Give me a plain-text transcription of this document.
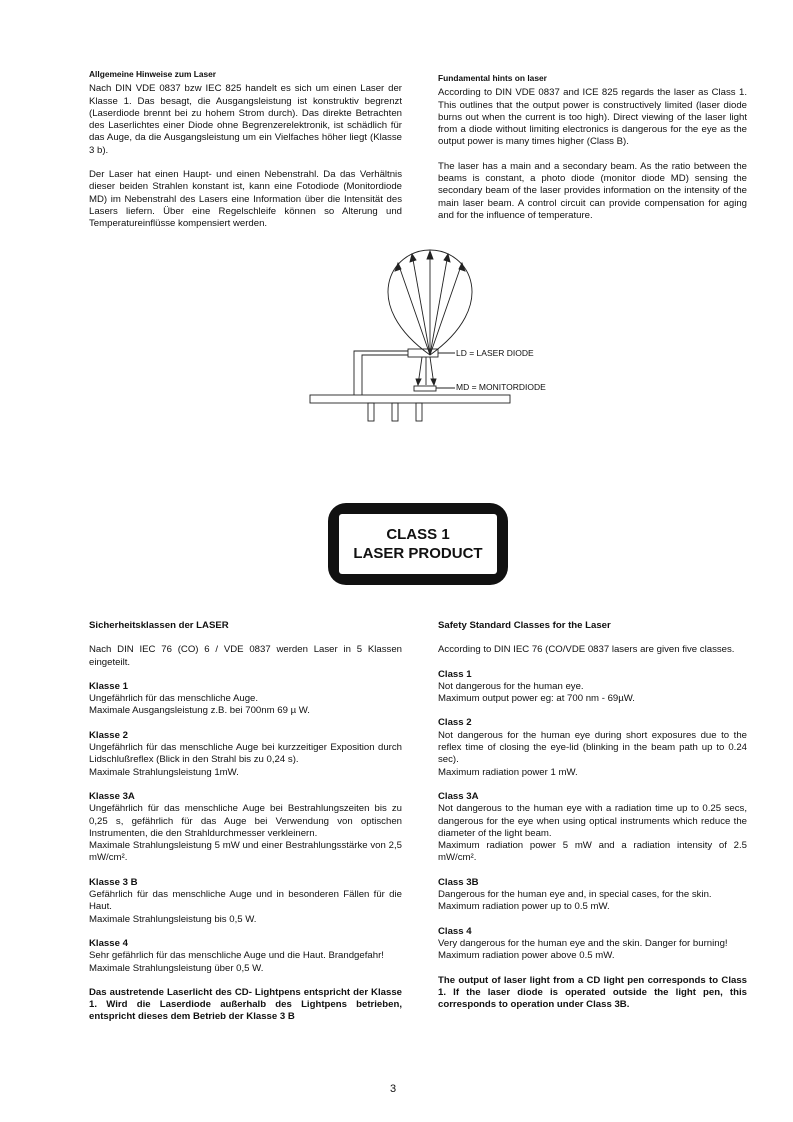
Allgemeine Hinweise zum Laser

Nach DIN VDE 0837 bzw IEC 825 handelt es sich um einen Laser der Klasse 1. Das besagt, die Ausgangsleistung ist konstruktiv begrenzt (Laserdiode brennt bei zu hohem Strom durch). Das direkte Betrachten des Laserlichtes einer Diode ohne Begrenzerelektronik, ist schädlich für das Auge, da die Ausgangsleistung um ein Vielfaches höher liegt (Klasse 3 b).

Der Laser hat einen Haupt- und einen Nebenstrahl. Da das Verhältnis dieser beiden Strahlen konstant ist, kann eine Fotodiode (Monitordiode MD) im Nebenstrahl des Lasers eine Information über die Intensität des Lasers liefern. Über eine Regelschleife können so Alterung und Temperatureinflüsse kompensiert werden.

Fundamental hints on laser

According to DIN VDE 0837 and ICE 825 regards the laser as Class 1. This outlines that the output power is constructively limited (laser diode burns out when the current is too high). Direct viewing of the laser light from a diode without limiting electronics is dangerous for the eye as the output power is many times higher (Class B).

The laser has a main and a secondary beam. As the ratio between the beams is constant, a photo diode (monitor diode MD) sensing the secondary beam of the laser provides information on the intensity of the main laser beam. A control circuit can provide compensation for aging and for the influence of temperature.

LD = LASER DIODE
MD = MONITORDIODE
CLASS 1
LASER PRODUCT

Sicherheitsklassen der LASER

Nach DIN IEC 76 (CO) 6 / VDE 0837 werden Laser in 5 Klassen eingeteilt.

Klasse 1

Ungefährlich für das menschliche Auge.

Maximale Ausgangsleistung z.B. bei 700nm 69 µ W.

Klasse 2

Ungefährlich für das menschliche Auge bei kurzzeitiger Exposition durch Lidschlußreflex (Blick in den Strahl bis zu 0,24 s).

Maximale Strahlungsleistung 1mW.

Klasse 3A

Ungefährlich für das menschliche Auge bei Bestrahlungszeiten bis zu 0,25 s, gefährlich für das Auge bei Verwendung von optischen Instrumenten, die den Strahldurchmesser verkleinern.

Maximale Strahlungsleistung 5 mW und einer Bestrahlungsstärke von 2,5 mW/cm².

Klasse 3 B

Gefährlich für das menschliche Auge und in besonderen Fällen für die Haut.

Maximale Strahlungsleistung bis 0,5 W.

Klasse 4

Sehr gefährlich für das menschliche Auge und die Haut. Brandgefahr!

Maximale Strahlungsleistung über 0,5 W.

Das austretende Laserlicht des CD- Lightpens entspricht der Klasse 1. Wird die Laserdiode außerhalb des Lightpens betrieben, entspricht dieses dem Betrieb der Klasse 3 B

Safety Standard Classes for the Laser

According to DIN IEC 76 (CO/VDE 0837 lasers are given five classes.

Class 1

Not dangerous for the human eye.

Maximum output power eg: at 700 nm - 69µW.

Class 2

Not dangerous for the human eye during short exposures due to the reflex time of closing the eye-lid (blinking in the beam path up to 0.24 sec).

Maximum radiation power 1 mW.

Class 3A

Not dangerous to the human eye with a radiation time up to 0.25 secs, dangerous for the eye when using optical instruments which reduce the diameter of the light beam.

Maximum radiation power 5 mW and a radiation intensity of 2.5 mW/cm².

Class 3B

Dangerous for the human eye and, in special cases, for the skin.

Maximum radiation power up to 0.5 mW.

Class 4

Very dangerous for the human eye and the skin. Danger for burning!

Maximum radiation power above 0.5 mW.

The output of laser light from a CD light pen corresponds to Class 1. If the laser diode is operated outside the light pen, this corresponds to operation under Class 3B.

3
